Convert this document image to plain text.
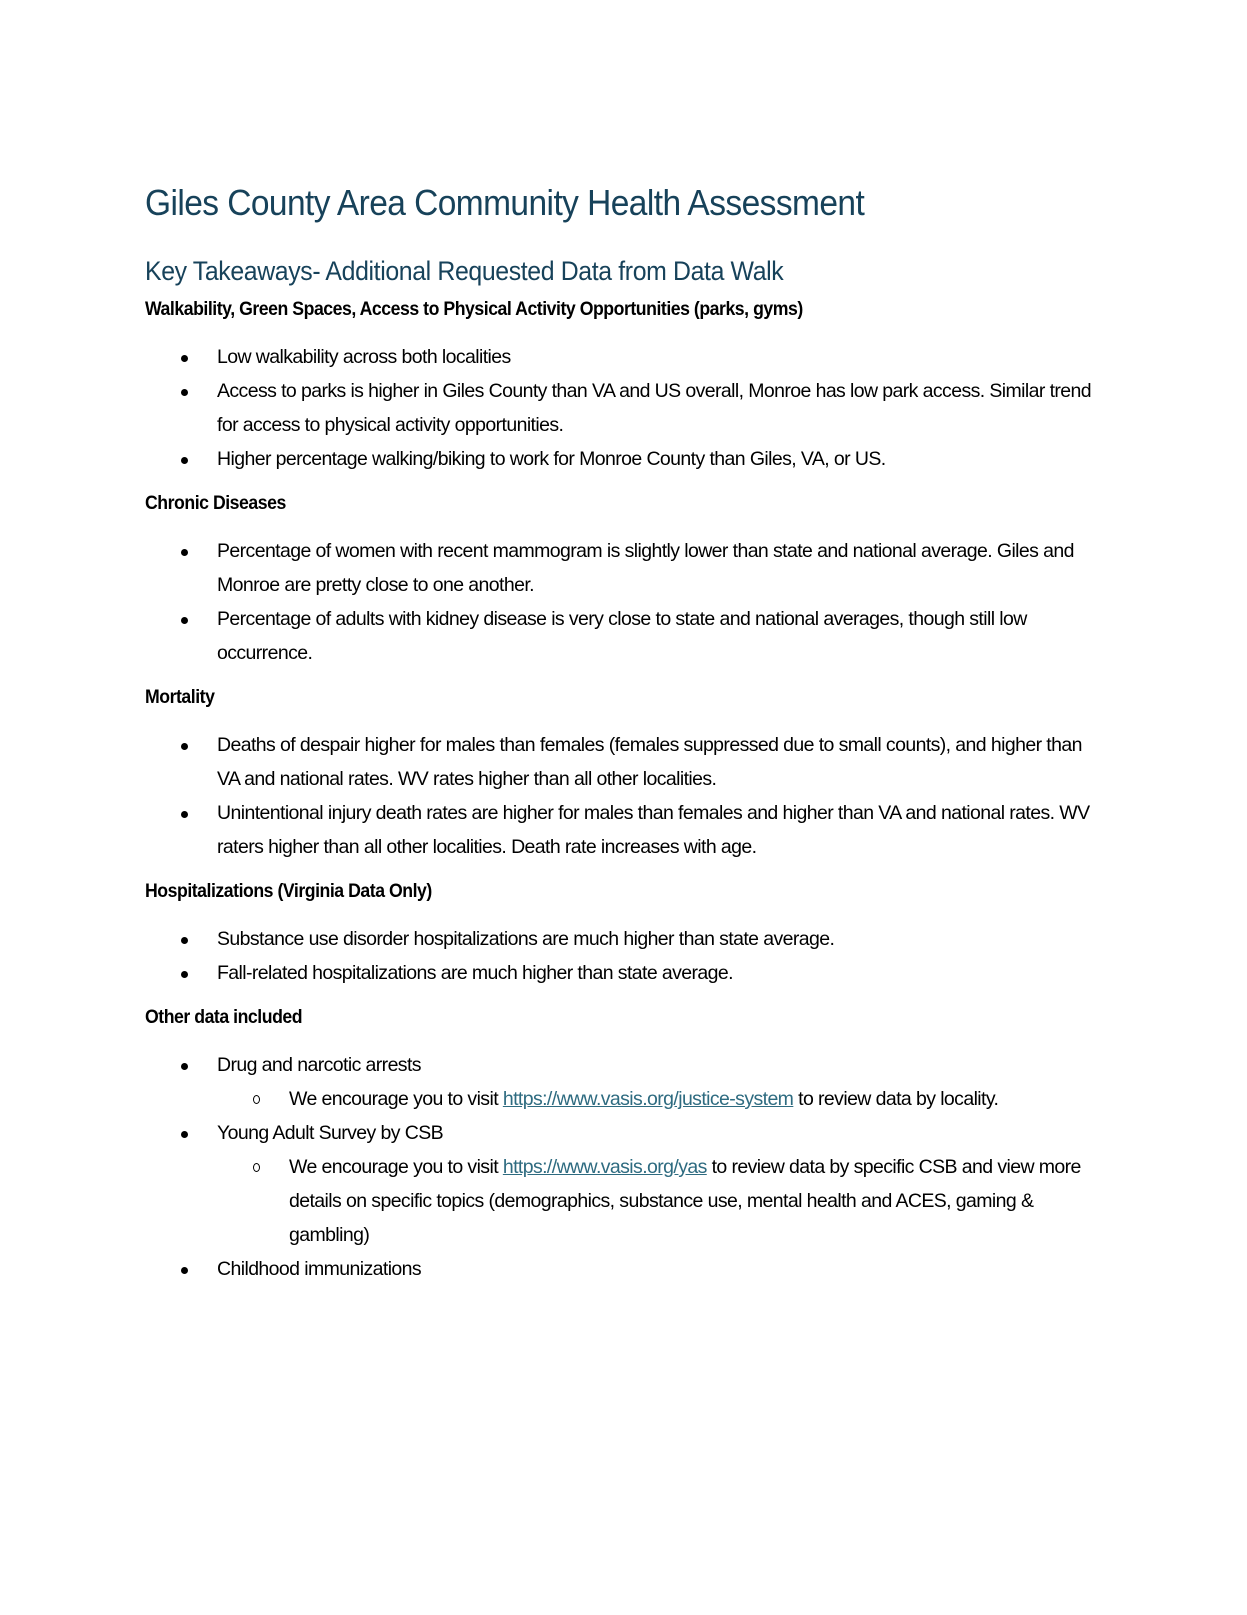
Giles County Area Community Health Assessment
Key Takeaways- Additional Requested Data from Data Walk

Walkability, Green Spaces, Access to Physical Activity Opportunities (parks, gyms)

Low walkability across both localities
Access to parks is higher in Giles County than VA and US overall, Monroe has low park access. Similar trend for access to physical activity opportunities.
Higher percentage walking/biking to work for Monroe County than Giles, VA, or US.

Chronic Diseases

Percentage of women with recent mammogram is slightly lower than state and national average. Giles and Monroe are pretty close to one another.
Percentage of adults with kidney disease is very close to state and national averages, though still low occurrence.

Mortality

Deaths of despair higher for males than females (females suppressed due to small counts), and higher than VA and national rates. WV rates higher than all other localities.
Unintentional injury death rates are higher for males than females and higher than VA and national rates. WV raters higher than all other localities. Death rate increases with age.

Hospitalizations (Virginia Data Only)

Substance use disorder hospitalizations are much higher than state average.
Fall-related hospitalizations are much higher than state average.

Other data included

Drug and narcotic arrests
We encourage you to visit https://www.vasis.org/justice-system to review data by locality.
Young Adult Survey by CSB
We encourage you to visit https://www.vasis.org/yas to review data by specific CSB and view more details on specific topics (demographics, substance use, mental health and ACES, gaming & gambling)
Childhood immunizations
